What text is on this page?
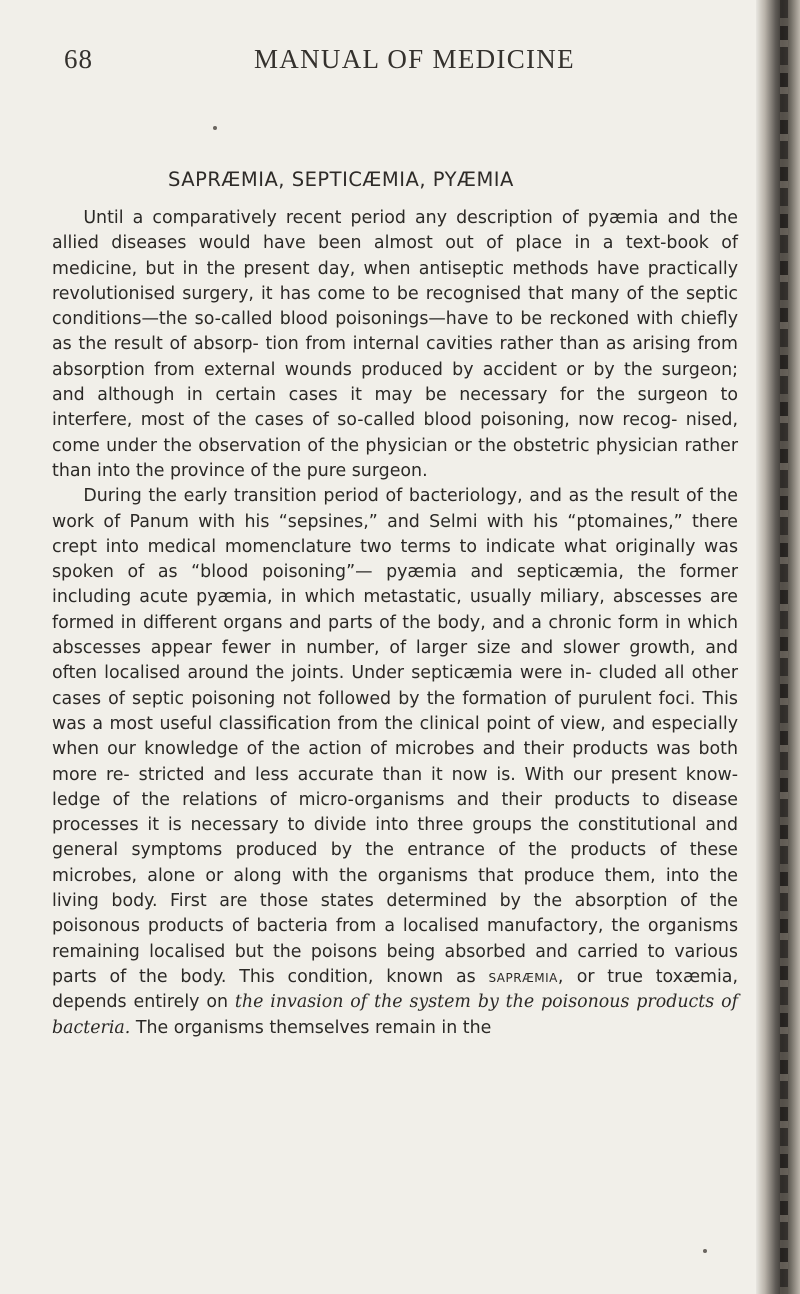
68	MANUAL OF MEDICINE
SAPRÆMIA, SEPTICÆMIA, PYÆMIA

Until a comparatively recent period any description of pyæmia and the allied diseases would have been almost out of place in a text-book of medicine, but in the present day, when antiseptic methods have practically revolutionised surgery, it has come to be recognised that many of the septic conditions—the so-called blood poisonings—have to be reckoned with chiefly as the result of absorp- tion from internal cavities rather than as arising from absorption from external wounds produced by accident or by the surgeon; and although in certain cases it may be necessary for the surgeon to interfere, most of the cases of so-called blood poisoning, now recog- nised, come under the observation of the physician or the obstetric physician rather than into the province of the pure surgeon.

During the early transition period of bacteriology, and as the result of the work of Panum with his “sepsines,” and Selmi with his “ptomaines,” there crept into medical momenclature two terms to indicate what originally was spoken of as “blood poisoning”— pyæmia and septicæmia, the former including acute pyæmia, in which metastatic, usually miliary, abscesses are formed in different organs and parts of the body, and a chronic form in which abscesses appear fewer in number, of larger size and slower growth, and often localised around the joints. Under septicæmia were in- cluded all other cases of septic poisoning not followed by the formation of purulent foci. This was a most useful classification from the clinical point of view, and especially when our knowledge of the action of microbes and their products was both more re- stricted and less accurate than it now is. With our present know- ledge of the relations of micro-organisms and their products to disease processes it is necessary to divide into three groups the constitutional and general symptoms produced by the entrance of the products of these microbes, alone or along with the organisms that produce them, into the living body. First are those states determined by the absorption of the poisonous products of bacteria from a localised manufactory, the organisms remaining localised but the poisons being absorbed and carried to various parts of the body. This condition, known as sapræmia, or true toxæmia, depends entirely on the invasion of the system by the poisonous products of bacteria. The organisms themselves remain in the
